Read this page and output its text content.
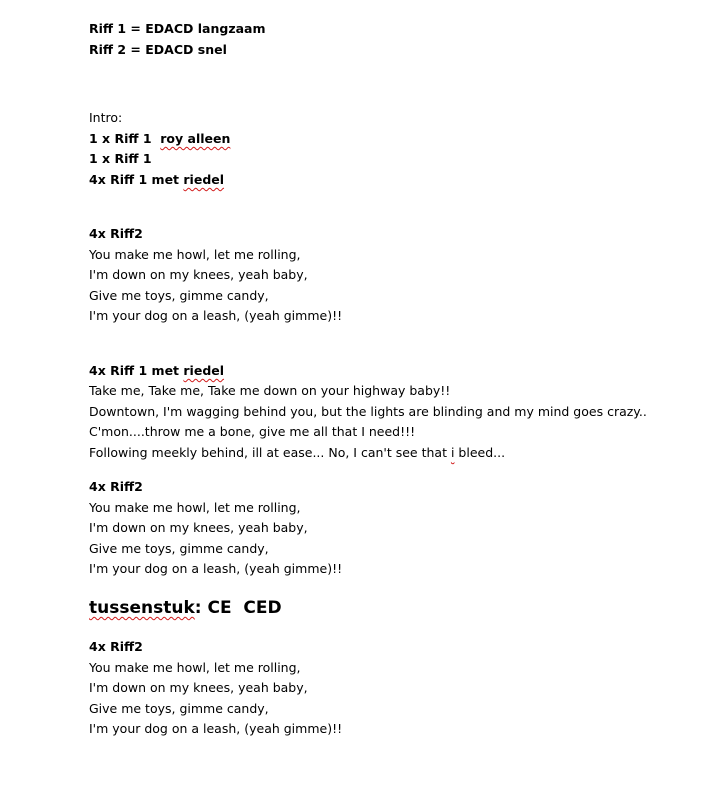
Riff 1 = EDACD langzaam
Riff 2 = EDACD snel
Intro:
1 x Riff 1  roy alleen
1 x Riff 1
4x Riff 1 met riedel
4x Riff2
You make me howl, let me rolling,
I'm down on my knees, yeah baby,
Give me toys, gimme candy,
I'm your dog on a leash, (yeah gimme)!!
4x Riff 1 met riedel
Take me, Take me, Take me down on your highway baby!!
Downtown, I'm wagging behind you, but the lights are blinding and my mind goes crazy..
C'mon....throw me a bone, give me all that I need!!!
Following meekly behind, ill at ease... No, I can't see that i bleed...
4x Riff2
You make me howl, let me rolling,
I'm down on my knees, yeah baby,
Give me toys, gimme candy,
I'm your dog on a leash, (yeah gimme)!!
tussenstuk: CE  CED
4x Riff2
You make me howl, let me rolling,
I'm down on my knees, yeah baby,
Give me toys, gimme candy,
I'm your dog on a leash, (yeah gimme)!!
